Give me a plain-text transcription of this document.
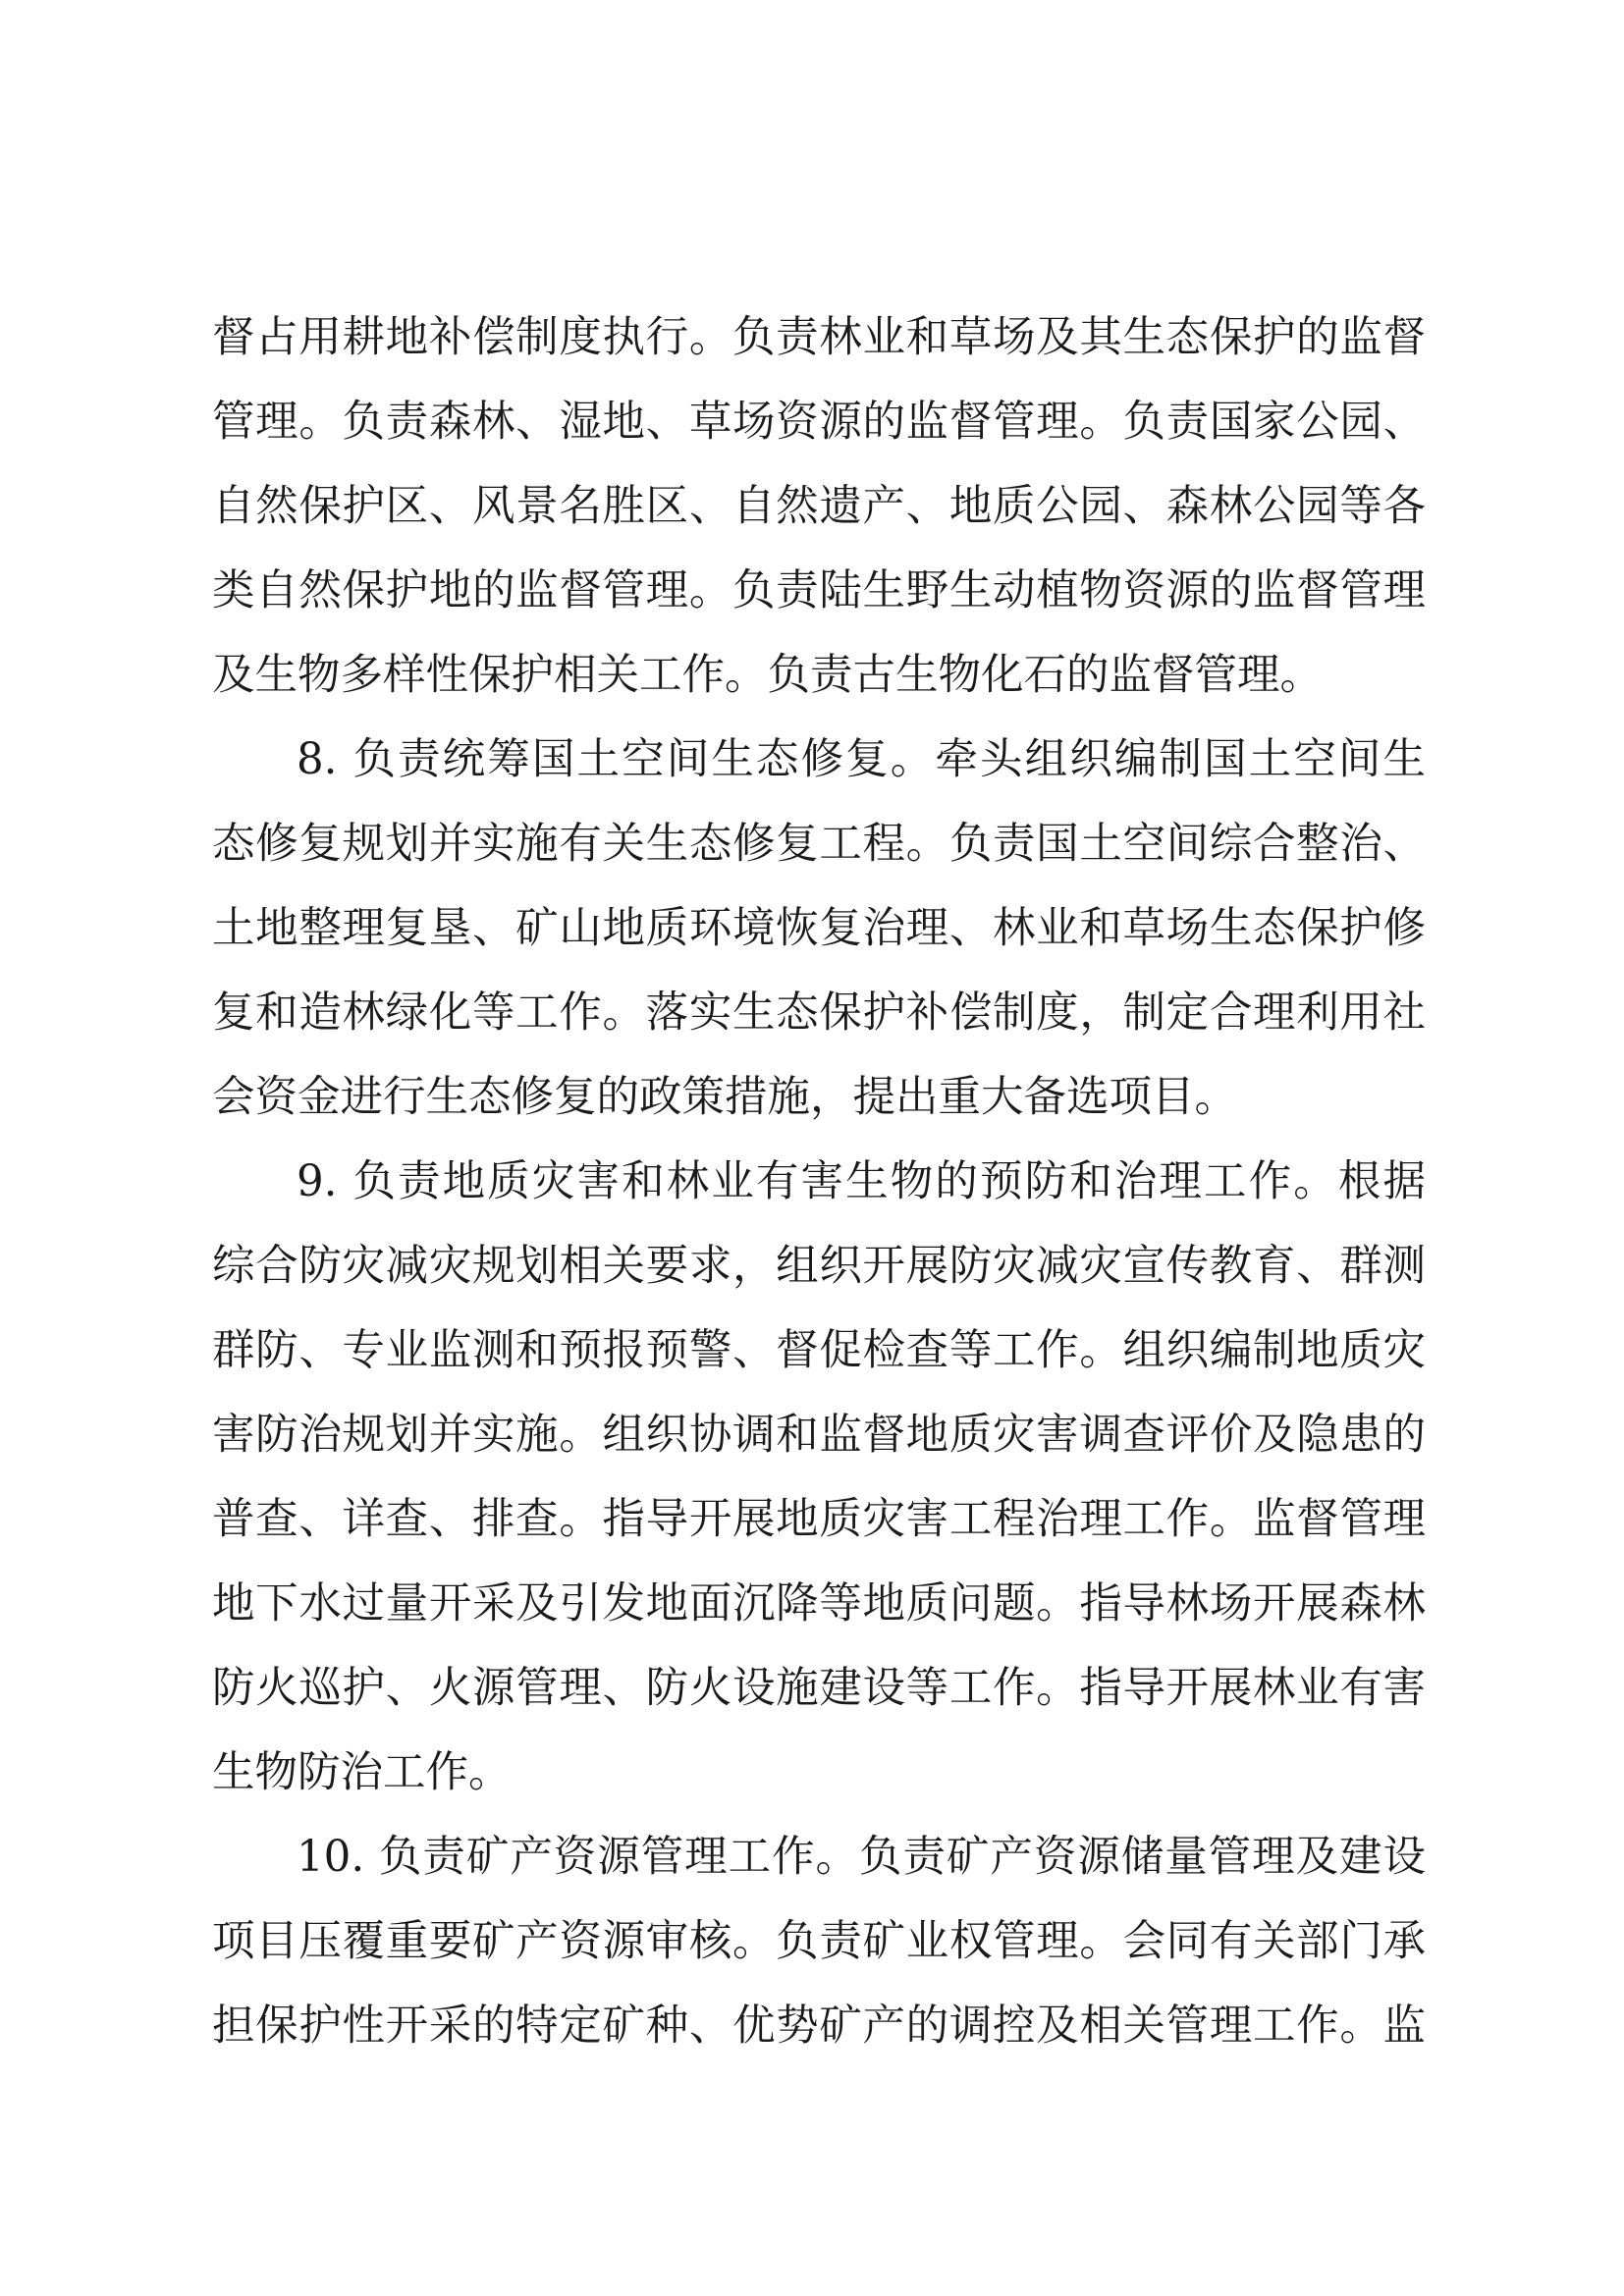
督占用耕地补偿制度执行。负责林业和草场及其生态保护的监督
管理。负责森林、湿地、草场资源的监督管理。负责国家公园、
自然保护区、风景名胜区、自然遗产、地质公园、森林公园等各
类自然保护地的监督管理。负责陆生野生动植物资源的监督管理
及生物多样性保护相关工作。负责古生物化石的监督管理。
8. 负责统筹国土空间生态修复。牵头组织编制国土空间生
态修复规划并实施有关生态修复工程。负责国土空间综合整治、
土地整理复垦、矿山地质环境恢复治理、林业和草场生态保护修
复和造林绿化等工作。落实生态保护补偿制度，制定合理利用社
会资金进行生态修复的政策措施，提出重大备选项目。
9. 负责地质灾害和林业有害生物的预防和治理工作。根据
综合防灾减灾规划相关要求，组织开展防灾减灾宣传教育、群测
群防、专业监测和预报预警、督促检查等工作。组织编制地质灾
害防治规划并实施。组织协调和监督地质灾害调查评价及隐患的
普查、详查、排查。指导开展地质灾害工程治理工作。监督管理
地下水过量开采及引发地面沉降等地质问题。指导林场开展森林
防火巡护、火源管理、防火设施建设等工作。指导开展林业有害
生物防治工作。
10. 负责矿产资源管理工作。负责矿产资源储量管理及建设
项目压覆重要矿产资源审核。负责矿业权管理。会同有关部门承
担保护性开采的特定矿种、优势矿产的调控及相关管理工作。监
